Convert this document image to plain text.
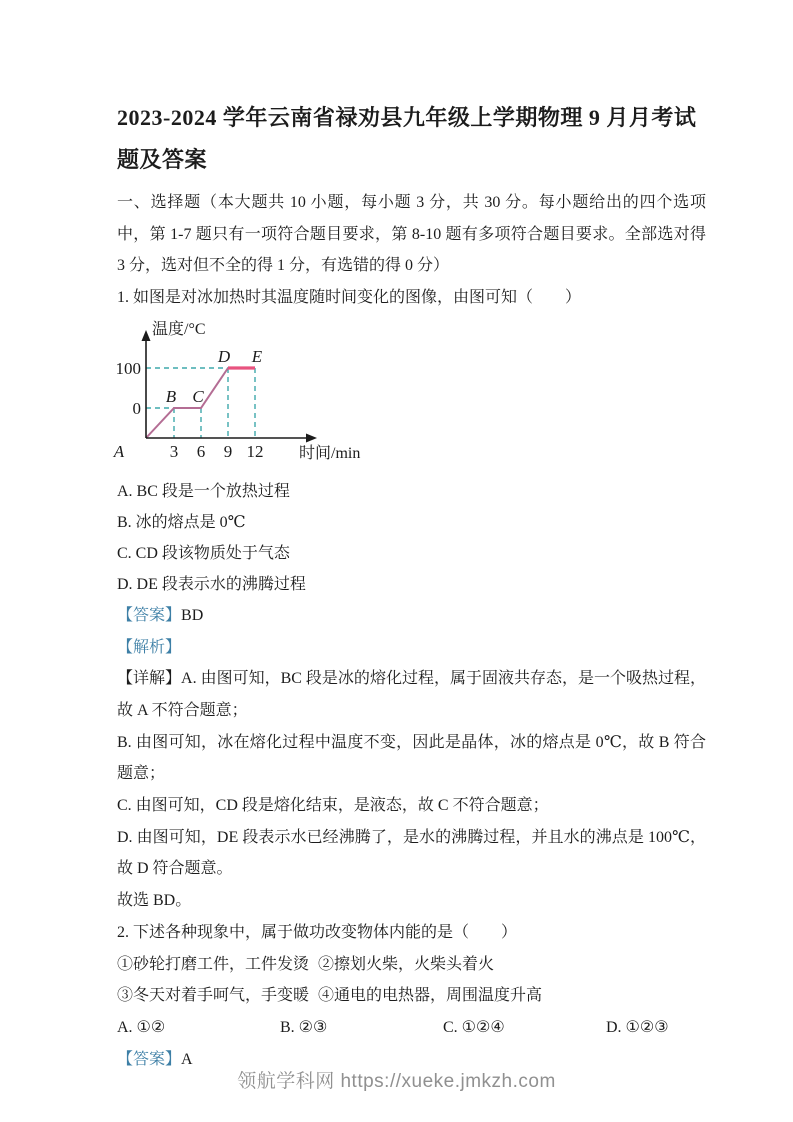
2023-2024 学年云南省禄劝县九年级上学期物理 9 月月考试题及答案

一、选择题（本大题共 10 小题，每小题 3 分，共 30 分。每小题给出的四个选项中，第 1-7 题只有一项符合题目要求，第 8-10 题有多项符合题目要求。全部选对得 3 分，选对但不全的得 1 分，有选错的得 0 分）

1. 如图是对冰加热时其温度随时间变化的图像，由图可知（　　）

温度/°C
时间/min
100
0
3 6 9 12
A
B C
D E

A. BC 段是一个放热过程

B. 冰的熔点是 0℃

C. CD 段该物质处于气态

D. DE 段表示水的沸腾过程

【答案】BD

【解析】

【详解】A. 由图可知，BC 段是冰的熔化过程，属于固液共存态，是一个吸热过程，故 A 不符合题意；

B. 由图可知，冰在熔化过程中温度不变，因此是晶体，冰的熔点是 0℃，故 B 符合题意；

C. 由图可知，CD 段是熔化结束，是液态，故 C 不符合题意；

D. 由图可知，DE 段表示水已经沸腾了，是水的沸腾过程，并且水的沸点是 100℃，故 D 符合题意。

故选 BD。

2. 下述各种现象中，属于做功改变物体内能的是（　　）

①砂轮打磨工件，工件发烫 ②擦划火柴，火柴头着火
③冬天对着手呵气，手变暖 ④通电的电热器，周围温度升高
A. ①②	B. ②③	C. ①②④	D. ①②③

【答案】A

领航学科网 https://xueke.jmkzh.com
